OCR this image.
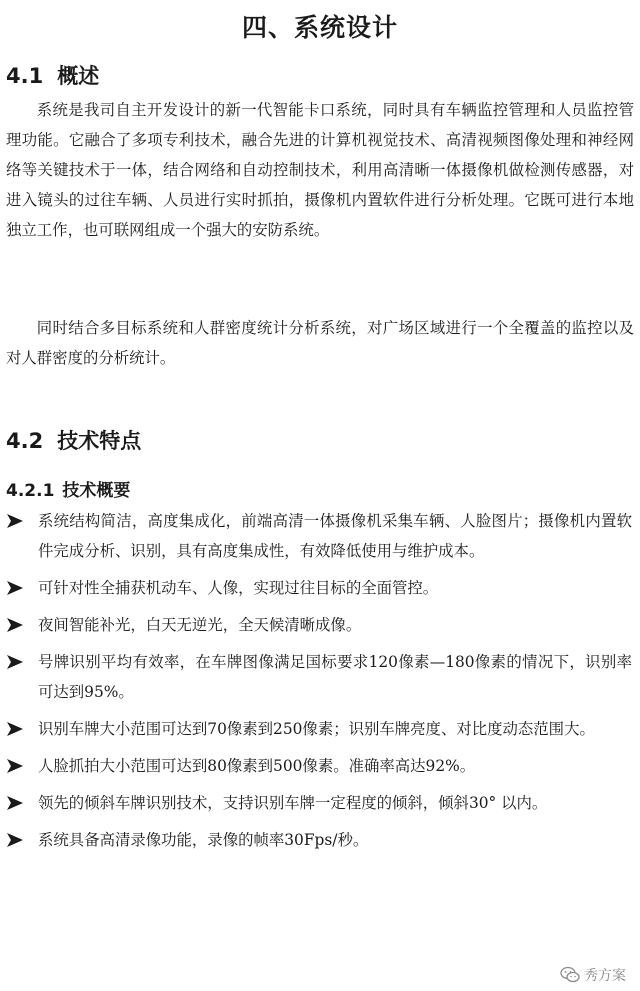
四、系统设计
4.1 概述

系统是我司自主开发设计的新一代智能卡口系统，同时具有车辆监控管理和人员监控管理功能。它融合了多项专利技术，融合先进的计算机视觉技术、高清视频图像处理和神经网络等关键技术于一体，结合网络和自动控制技术，利用高清晰一体摄像机做检测传感器，对进入镜头的过往车辆、人员进行实时抓拍，摄像机内置软件进行分析处理。它既可进行本地独立工作，也可联网组成一个强大的安防系统。

同时结合多目标系统和人群密度统计分析系统，对广场区域进行一个全覆盖的监控以及对人群密度的分析统计。

4.2 技术特点
4.2.1 技术概要
系统结构简洁，高度集成化，前端高清一体摄像机采集车辆、人脸图片；摄像机内置软件完成分析、识别，具有高度集成性，有效降低使用与维护成本。
可针对性全捕获机动车、人像，实现过往目标的全面管控。
夜间智能补光，白天无逆光，全天候清晰成像。
号牌识别平均有效率，在车牌图像满足国标要求120像素—180像素的情况下，识别率可达到95%。
识别车牌大小范围可达到70像素到250像素；识别车牌亮度、对比度动态范围大。
人脸抓拍大小范围可达到80像素到500像素。准确率高达92%。
领先的倾斜车牌识别技术，支持识别车牌一定程度的倾斜，倾斜30° 以内。
系统具备高清录像功能，录像的帧率30Fps/秒。
秀方案
